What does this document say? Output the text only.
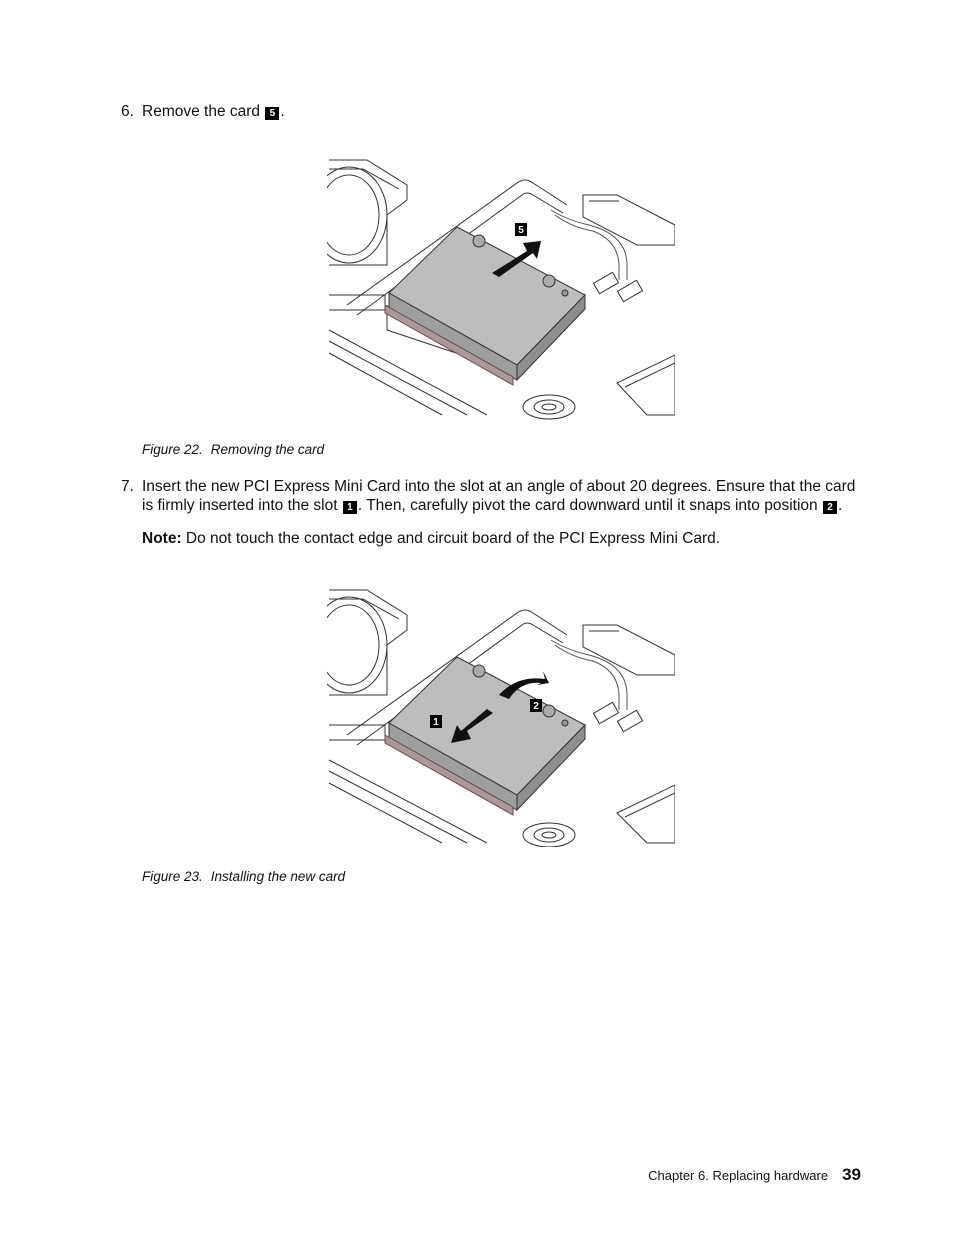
6. Remove the card 5 .
5
Figure 22. Removing the card
7. Insert the new PCI Express Mini Card into the slot at an angle of about 20 degrees. Ensure that the card is firmly inserted into the slot 1 . Then, carefully pivot the card downward until it snaps into position 2 .
Note: Do not touch the contact edge and circuit board of the PCI Express Mini Card.
1
2
Figure 23. Installing the new card
Chapter 6. Replacing hardware 39
